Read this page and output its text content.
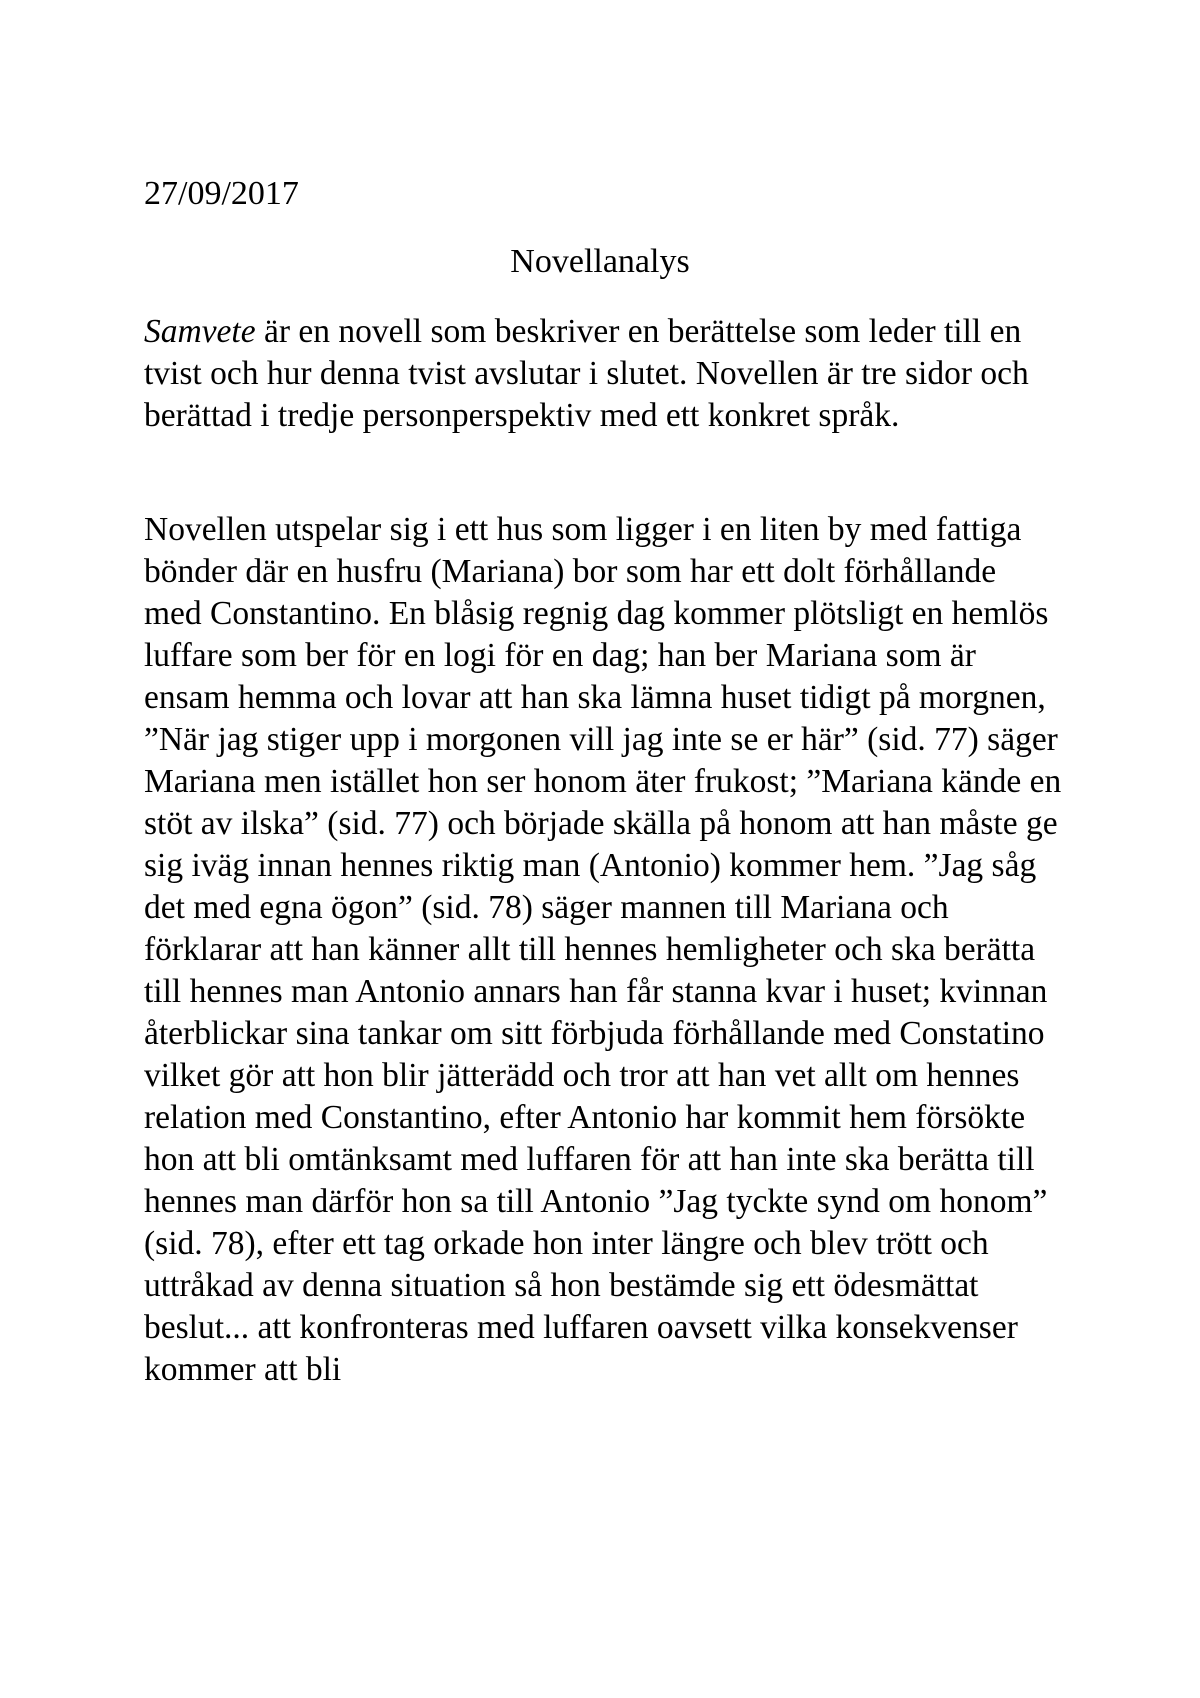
27/09/2017

Novellanalys

Samvete är en novell som beskriver en berättelse som leder till en tvist och hur denna tvist avslutar i slutet. Novellen är tre sidor och berättad i tredje personperspektiv med ett konkret språk.

Novellen utspelar sig i ett hus som ligger i en liten by med fattiga bönder där en husfru (Mariana) bor som har ett dolt förhållande med Constantino. En blåsig regnig dag kommer plötsligt en hemlös luffare som ber för en logi för en dag; han ber Mariana som är ensam hemma och lovar att han ska lämna huset tidigt på morgnen, ”När jag stiger upp i morgonen vill jag inte se er här” (sid. 77) säger Mariana men istället hon ser honom äter frukost; ”Mariana kände en stöt av ilska” (sid. 77) och började skälla på honom att han måste ge sig iväg innan hennes riktig man (Antonio) kommer hem. ”Jag såg det med egna ögon” (sid. 78) säger mannen till Mariana och förklarar att han känner allt till hennes hemligheter och ska berätta till hennes man Antonio annars han får stanna kvar i huset; kvinnan återblickar sina tankar om sitt förbjuda förhållande med Constatino vilket gör att hon blir jätterädd och tror att han vet allt om hennes relation med Constantino, efter Antonio har kommit hem försökte hon att bli omtänksamt med luffaren för att han inte ska berätta till hennes man därför hon sa till Antonio ”Jag tyckte synd om honom” (sid. 78), efter ett tag orkade hon inter längre och blev trött och uttråkad av denna situation så hon bestämde sig ett ödesmättat beslut... att konfronteras med luffaren oavsett vilka konsekvenser kommer att bli
